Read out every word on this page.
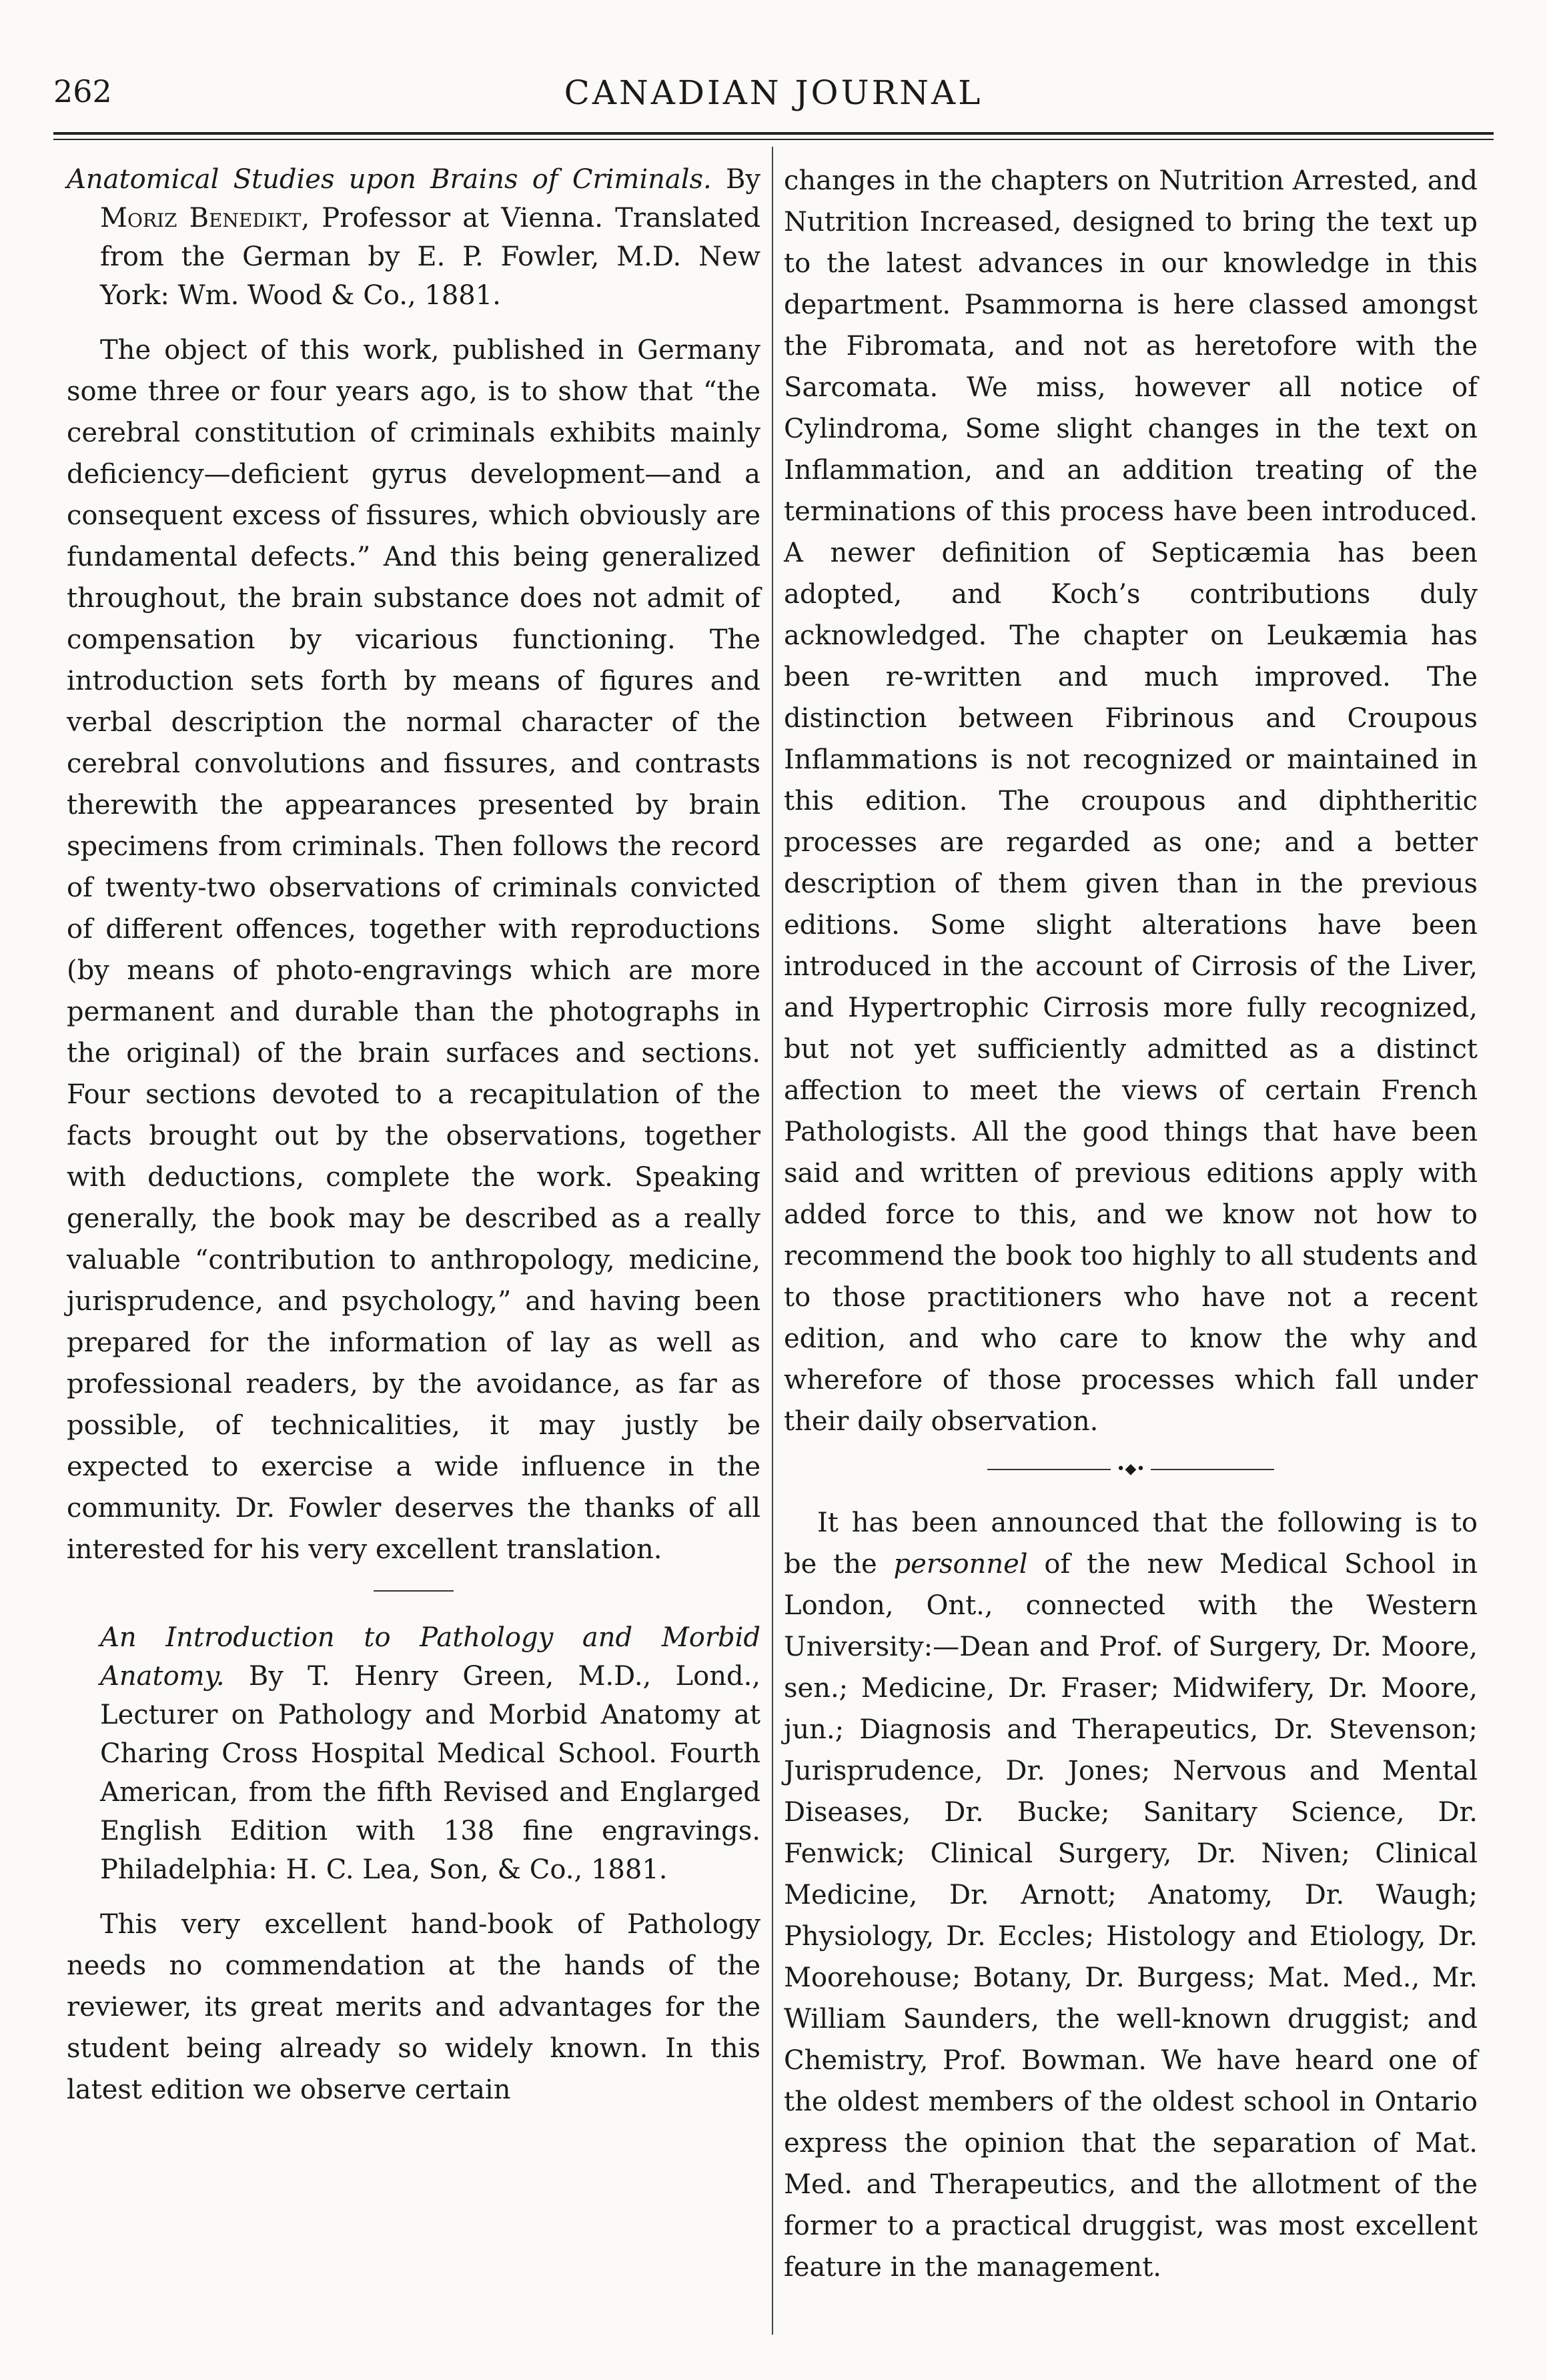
262	CANADIAN JOURNAL

Anatomical Studies upon Brains of Criminals. By Moriz Benedikt, Professor at Vienna. Translated from the German by E. P. Fowler, M.D. New York: Wm. Wood & Co., 1881.

The object of this work, published in Germany some three or four years ago, is to show that “the cerebral constitution of criminals exhibits mainly deficiency—deficient gyrus development—and a consequent excess of fissures, which obviously are fundamental defects.” And this being generalized throughout, the brain substance does not admit of compensation by vicarious functioning. The introduction sets forth by means of figures and verbal description the normal character of the cerebral convolutions and fissures, and contrasts therewith the appearances presented by brain specimens from criminals. Then follows the record of twenty-two observations of criminals convicted of different offences, together with reproductions (by means of photo-engravings which are more permanent and durable than the photographs in the original) of the brain surfaces and sections. Four sections devoted to a recapitulation of the facts brought out by the observations, together with deductions, complete the work. Speaking generally, the book may be described as a really valuable “contribution to anthropology, medicine, jurisprudence, and psychology,” and having been prepared for the information of lay as well as professional readers, by the avoidance, as far as possible, of technicalities, it may justly be expected to exercise a wide influence in the community. Dr. Fowler deserves the thanks of all interested for his very excellent translation.

An Introduction to Pathology and Morbid Anatomy. By T. Henry Green, M.D., Lond., Lecturer on Pathology and Morbid Anatomy at Charing Cross Hospital Medical School. Fourth American, from the fifth Revised and Englarged English Edition with 138 fine engravings. Philadelphia: H. C. Lea, Son, & Co., 1881.

This very excellent hand-book of Pathology needs no commendation at the hands of the reviewer, its great merits and advantages for the student being already so widely known. In this latest edition we observe certain

changes in the chapters on Nutrition Arrested, and Nutrition Increased, designed to bring the text up to the latest advances in our knowledge in this department. Psammorna is here classed amongst the Fibromata, and not as heretofore with the Sarcomata. We miss, however all notice of Cylindroma, Some slight changes in the text on Inflammation, and an addition treating of the terminations of this process have been introduced. A newer definition of Septicæmia has been adopted, and Koch’s contributions duly acknowledged. The chapter on Leukæmia has been re-written and much improved. The distinction between Fibrinous and Croupous Inflammations is not recognized or maintained in this edition. The croupous and diphtheritic processes are regarded as one; and a better description of them given than in the previous editions. Some slight alterations have been introduced in the account of Cirrosis of the Liver, and Hypertrophic Cirrosis more fully recognized, but not yet sufficiently admitted as a distinct affection to meet the views of certain French Pathologists. All the good things that have been said and written of previous editions apply with added force to this, and we know not how to recommend the book too highly to all students and to those practitioners who have not a recent edition, and who care to know the why and wherefore of those processes which fall under their daily observation.

•◆•

It has been announced that the following is to be the personnel of the new Medical School in London, Ont., connected with the Western University:—Dean and Prof. of Surgery, Dr. Moore, sen.; Medicine, Dr. Fraser; Midwifery, Dr. Moore, jun.; Diagnosis and Therapeutics, Dr. Stevenson; Jurisprudence, Dr. Jones; Nervous and Mental Diseases, Dr. Bucke; Sanitary Science, Dr. Fenwick; Clinical Surgery, Dr. Niven; Clinical Medicine, Dr. Arnott; Anatomy, Dr. Waugh; Physiology, Dr. Eccles; Histology and Etiology, Dr. Moorehouse; Botany, Dr. Burgess; Mat. Med., Mr. William Saunders, the well-known druggist; and Chemistry, Prof. Bowman. We have heard one of the oldest members of the oldest school in Ontario express the opinion that the separation of Mat. Med. and Therapeutics, and the allotment of the former to a practical druggist, was most excellent feature in the management.
